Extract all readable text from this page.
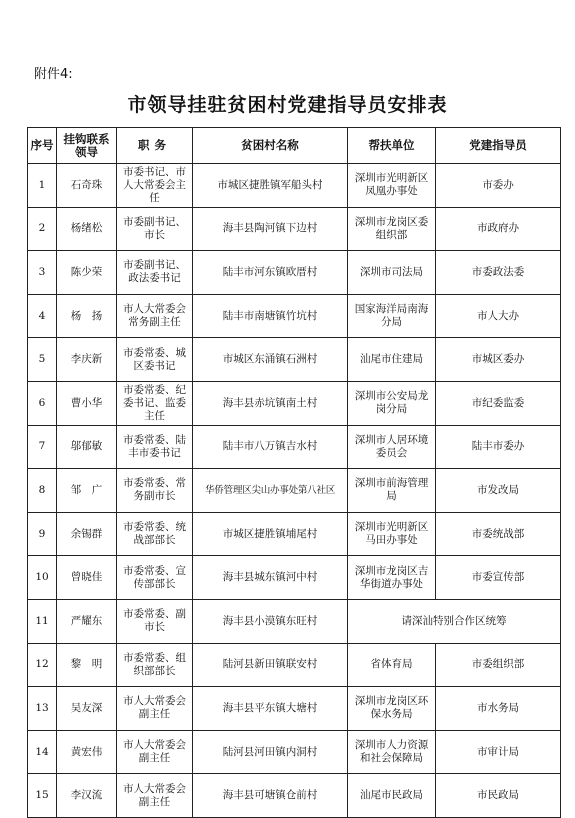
附件4:
市领导挂驻贫困村党建指导员安排表
序号	挂钩联系领导	职务	贫困村名称	帮扶单位	党建指导员
1	石奇珠	市委书记、市人大常委会主任	市城区捷胜镇军船头村	深圳市光明新区凤凰办事处	市委办
2	杨绪松	市委副书记、市长	海丰县陶河镇下边村	深圳市龙岗区委组织部	市政府办
3	陈少荣	市委副书记、政法委书记	陆丰市河东镇欧厝村	深圳市司法局	市委政法委
4	杨　扬	市人大常委会常务副主任	陆丰市南塘镇竹坑村	国家海洋局南海分局	市人大办
5	李庆新	市委常委、城区委书记	市城区东涌镇石洲村	汕尾市住建局	市城区委办
6	曹小华	市委常委、纪委书记、监委主任	海丰县赤坑镇南土村	深圳市公安局龙岗分局	市纪委监委
7	邬郁敏	市委常委、陆丰市委书记	陆丰市八万镇吉水村	深圳市人居环境委员会	陆丰市委办
8	邹　广	市委常委、常务副市长	华侨管理区尖山办事处第八社区	深圳市前海管理局	市发改局
9	余锡群	市委常委、统战部部长	市城区捷胜镇埔尾村	深圳市光明新区马田办事处	市委统战部
10	曾晓佳	市委常委、宣传部部长	海丰县城东镇河中村	深圳市龙岗区吉华街道办事处	市委宣传部
11	严耀东	市委常委、副市长	海丰县小漠镇东旺村	请深汕特别合作区统筹	
12	黎　明	市委常委、组织部部长	陆河县新田镇联安村	省体育局	市委组织部
13	吴友深	市人大常委会副主任	海丰县平东镇大塘村	深圳市龙岗区环保水务局	市水务局
14	黄宏伟	市人大常委会副主任	陆河县河田镇内洞村	深圳市人力资源和社会保障局	市审计局
15	李汉流	市人大常委会副主任	海丰县可塘镇仓前村	汕尾市民政局	市民政局
